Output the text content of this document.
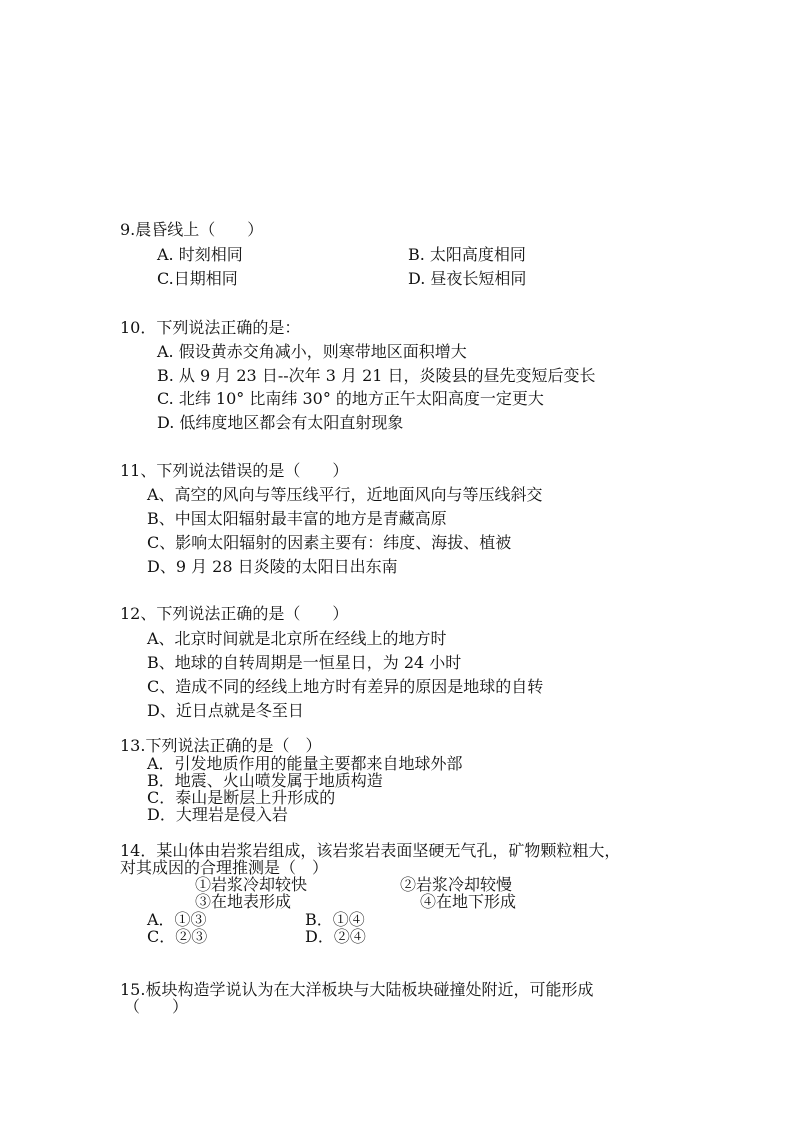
9.晨昏线上（　　）
A. 时刻相同	B. 太阳高度相同
C.日期相同	D. 昼夜长短相同
10．下列说法正确的是：
A. 假设黄赤交角减小，则寒带地区面积增大
B. 从 9 月 23 日--次年 3 月 21 日，炎陵县的昼先变短后变长
C. 北纬 10° 比南纬 30° 的地方正午太阳高度一定更大
D. 低纬度地区都会有太阳直射现象
11、下列说法错误的是（　　）
A、高空的风向与等压线平行，近地面风向与等压线斜交
B、中国太阳辐射最丰富的地方是青藏高原
C、影响太阳辐射的因素主要有：纬度、海拔、植被
D、9 月 28 日炎陵的太阳日出东南
12、下列说法正确的是（　　）
A、北京时间就是北京所在经线上的地方时
B、地球的自转周期是一恒星日，为 24 小时
C、造成不同的经线上地方时有差异的原因是地球的自转
D、近日点就是冬至日
13.下列说法正确的是（　）
A．引发地质作用的能量主要都来自地球外部
B．地震、火山喷发属于地质构造
C．泰山是断层上升形成的
D．大理岩是侵入岩
14．某山体由岩浆岩组成，该岩浆岩表面坚硬无气孔，矿物颗粒粗大，
对其成因的合理推测是（　）
①岩浆冷却较快	②岩浆冷却较慢
③在地表形成	④在地下形成
A．①③	B．①④
C．②③	D．②④
15.板块构造学说认为在大洋板块与大陆板块碰撞处附近，可能形成
（　　）
